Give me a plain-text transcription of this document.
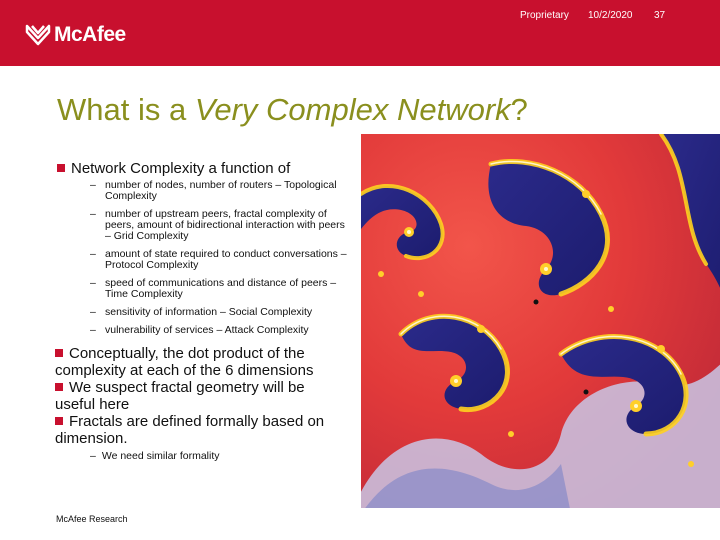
McAfee
Proprietary 10/2/2020 37
What is a Very Complex Network?
Network Complexity a function of
– number of nodes, number of routers – Topological Complexity
– number of upstream peers, fractal complexity of peers, amount of bidirectional interaction with peers – Grid Complexity
– amount of state required to conduct conversations – Protocol Complexity
– speed of communications and distance of peers – Time Complexity
– sensitivity of information – Social Complexity
– vulnerability of services – Attack Complexity

Conceptually, the dot product of the complexity at each of the 6 dimensions

We suspect fractal geometry will be useful here

Fractals are defined formally based on dimension.

– We need similar formality
McAfee Research
